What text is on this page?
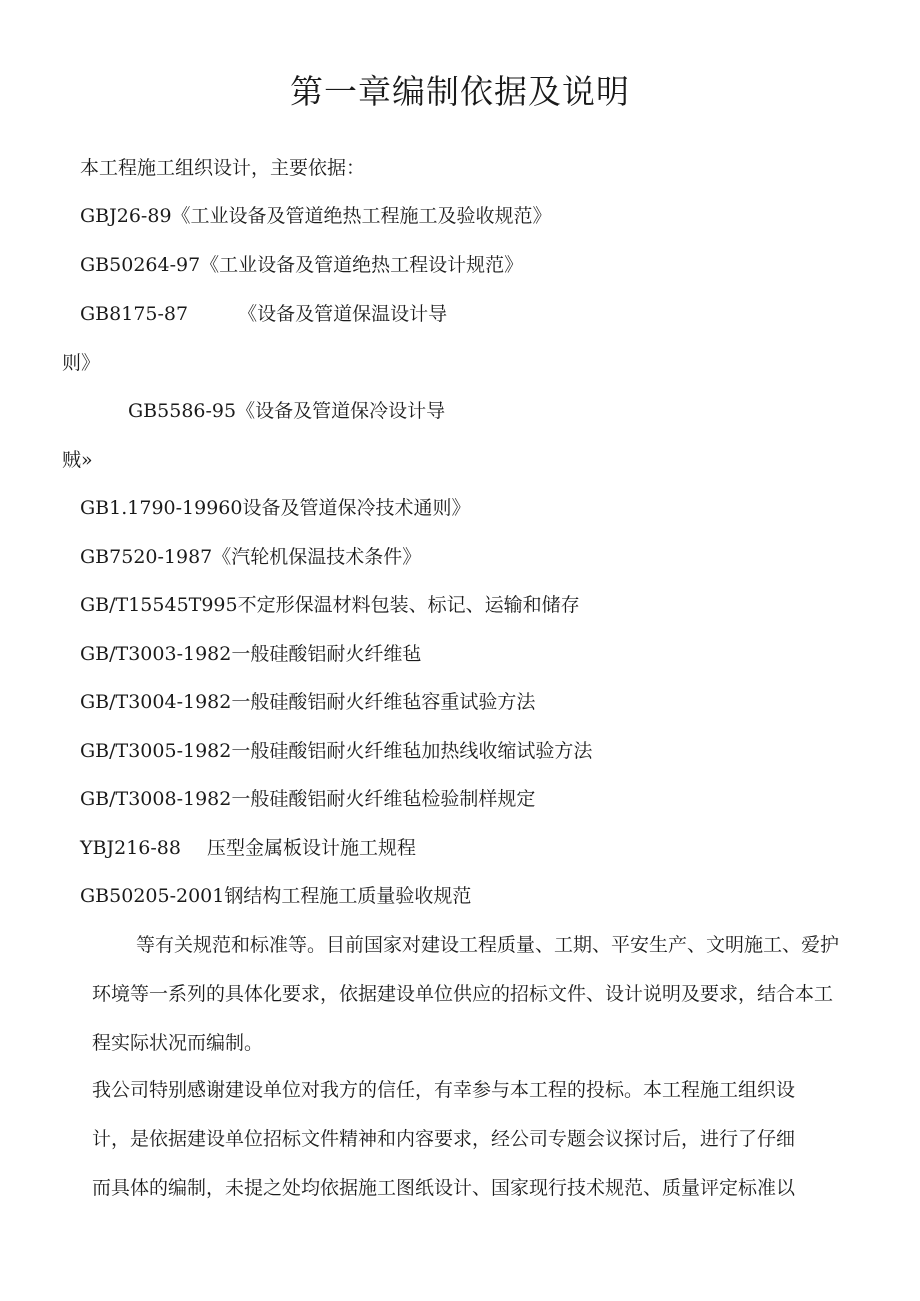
第一章编制依据及说明
本工程施工组织设计，主要依据：
GBJ26-89《工业设备及管道绝热工程施工及验收规范》
GB50264-97《工业设备及管道绝热工程设计规范》
GB8175-87	《设备及管道保温设计导
则》
GB5586-95《设备及管道保冷设计导
贼»
GB1.1790-19960设备及管道保冷技术通则》
GB7520-1987《汽轮机保温技术条件》
GB/T15545T995不定形保温材料包装、标记、运输和储存
GB/T3003-1982一般硅酸铝耐火纤维毡
GB/T3004-1982一般硅酸铝耐火纤维毡容重试验方法
GB/T3005-1982一般硅酸铝耐火纤维毡加热线收缩试验方法
GB/T3008-1982一般硅酸铝耐火纤维毡检验制样规定
YBJ216-88 压型金属板设计施工规程
GB50205-2001钢结构工程施工质量验收规范
等有关规范和标准等。目前国家对建设工程质量、工期、平安生产、文明施工、爱护
环境等一系列的具体化要求，依据建设单位供应的招标文件、设计说明及要求，结合本工
程实际状况而编制。
我公司特别感谢建设单位对我方的信任，有幸参与本工程的投标。本工程施工组织设
计，是依据建设单位招标文件精神和内容要求，经公司专题会议探讨后，进行了仔细
而具体的编制，未提之处均依据施工图纸设计、国家现行技术规范、质量评定标准以
